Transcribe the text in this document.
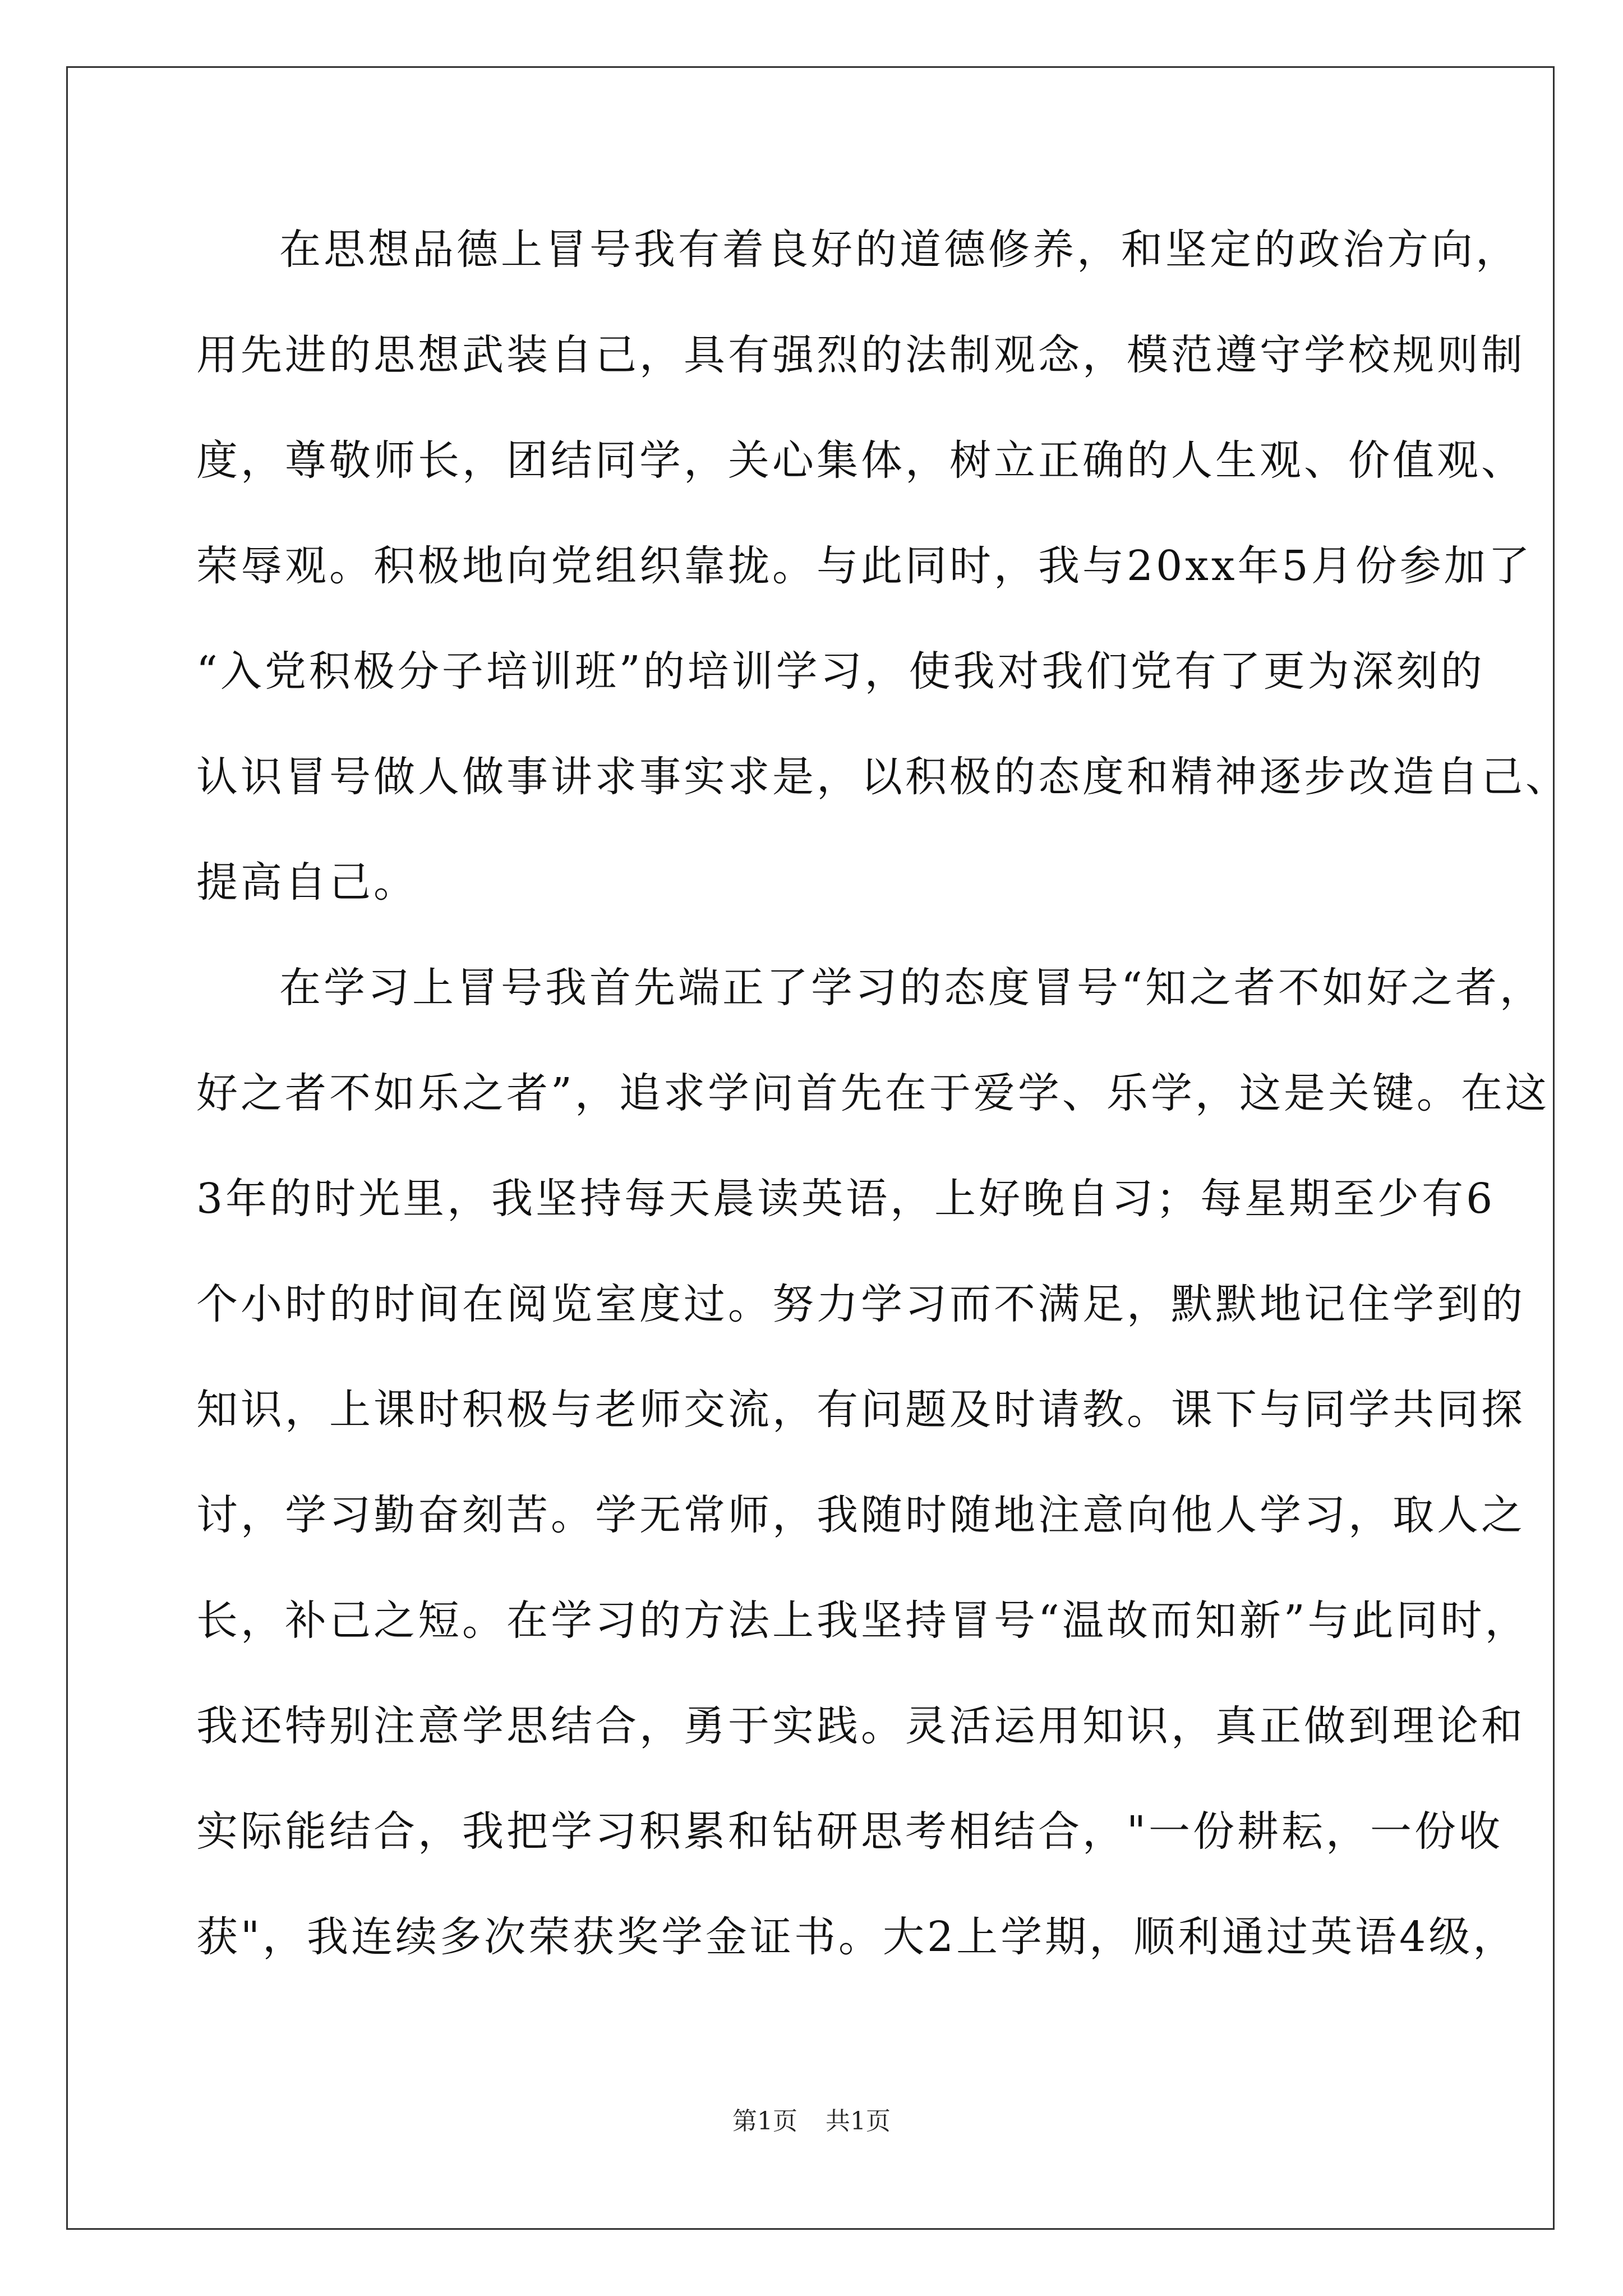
在思想品德上冒号我有着良好的道德修养，和坚定的政治方向，
用先进的思想武装自己，具有强烈的法制观念，模范遵守学校规则制
度，尊敬师长，团结同学，关心集体，树立正确的人生观、价值观、
荣辱观。积极地向党组织靠拢。与此同时，我与20xx年5月份参加了
“入党积极分子培训班”的培训学习，使我对我们党有了更为深刻的
认识冒号做人做事讲求事实求是，以积极的态度和精神逐步改造自己、
提高自己。
在学习上冒号我首先端正了学习的态度冒号“知之者不如好之者，
好之者不如乐之者”，追求学问首先在于爱学、乐学，这是关键。在这
3年的时光里，我坚持每天晨读英语，上好晚自习；每星期至少有6
个小时的时间在阅览室度过。努力学习而不满足，默默地记住学到的
知识，上课时积极与老师交流，有问题及时请教。课下与同学共同探
讨，学习勤奋刻苦。学无常师，我随时随地注意向他人学习，取人之
长，补己之短。在学习的方法上我坚持冒号“温故而知新”与此同时，
我还特别注意学思结合，勇于实践。灵活运用知识，真正做到理论和
实际能结合，我把学习积累和钻研思考相结合，"一份耕耘，一份收
获"，我连续多次荣获奖学金证书。大2上学期，顺利通过英语4级，
第1页 共1页
